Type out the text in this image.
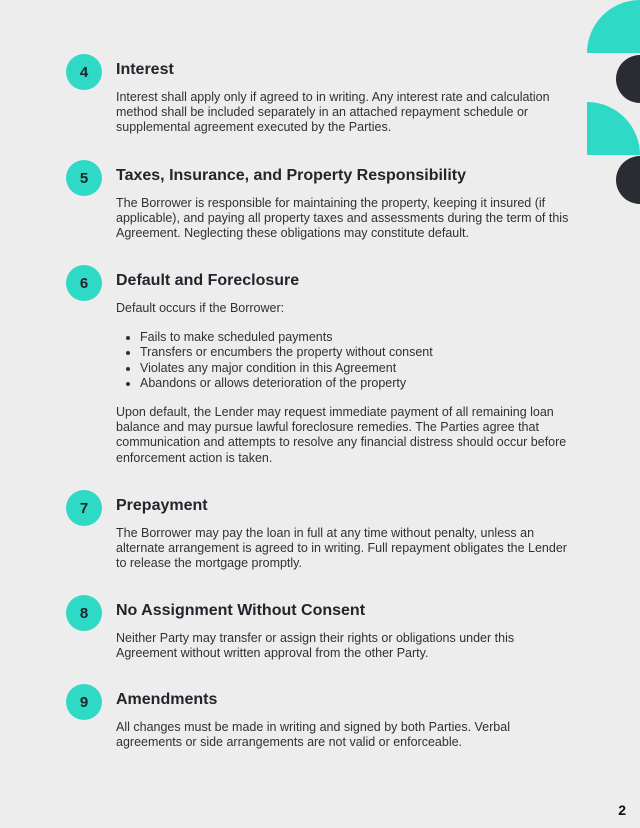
4	Interest

Interest shall apply only if agreed to in writing. Any interest rate and calculation method shall be included separately in an attached repayment schedule or supplemental agreement executed by the Parties.

5	Taxes, Insurance, and Property Responsibility

The Borrower is responsible for maintaining the property, keeping it insured (if applicable), and paying all property taxes and assessments during the term of this Agreement. Neglecting these obligations may constitute default.

6	Default and Foreclosure

Default occurs if the Borrower:

• Fails to make scheduled payments
• Transfers or encumbers the property without consent
• Violates any major condition in this Agreement
• Abandons or allows deterioration of the property

Upon default, the Lender may request immediate payment of all remaining loan balance and may pursue lawful foreclosure remedies. The Parties agree that communication and attempts to resolve any financial distress should occur before enforcement action is taken.

7	Prepayment

The Borrower may pay the loan in full at any time without penalty, unless an alternate arrangement is agreed to in writing. Full repayment obligates the Lender to release the mortgage promptly.

8	No Assignment Without Consent

Neither Party may transfer or assign their rights or obligations under this Agreement without written approval from the other Party.

9	Amendments

All changes must be made in writing and signed by both Parties. Verbal agreements or side arrangements are not valid or enforceable.

2
